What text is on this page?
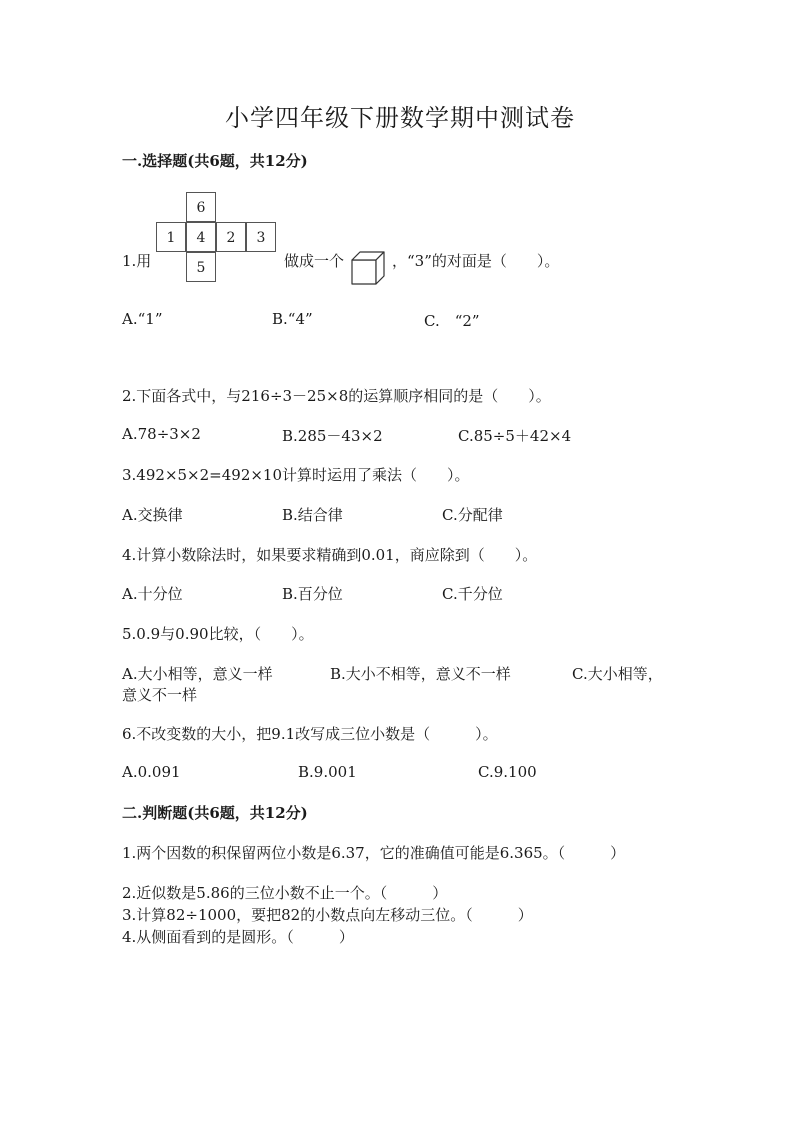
小学四年级下册数学期中测试卷
一.选择题(共6题，共12分)
1.用
6
1 4 2 3
5	做成一个	，“3”的对面是（　　）。
A.“1”	B.“4”	C.　“2”
2.下面各式中，与216÷3－25×8的运算顺序相同的是（　　）。
A.78÷3×2	B.285－43×2	C.85÷5＋42×4
3.492×5×2=492×10计算时运用了乘法（　　）。
A.交换律	B.结合律	C.分配律
4.计算小数除法时，如果要求精确到0.01，商应除到（　　）。
A.十分位	B.百分位	C.千分位
5.0.9与0.90比较，（　　）。
A.大小相等，意义一样	B.大小不相等，意义不一样	C.大小相等，
意义不一样
6.不改变数的大小，把9.1改写成三位小数是（　　　）。
A.0.091	B.9.001	C.9.100
二.判断题(共6题，共12分)
1.两个因数的积保留两位小数是6.37，它的准确值可能是6.365。（　　　）
2.近似数是5.86的三位小数不止一个。（　　　）
3.计算82÷1000，要把82的小数点向左移动三位。（　　　）
4.从侧面看到的是圆形。（　　　）
